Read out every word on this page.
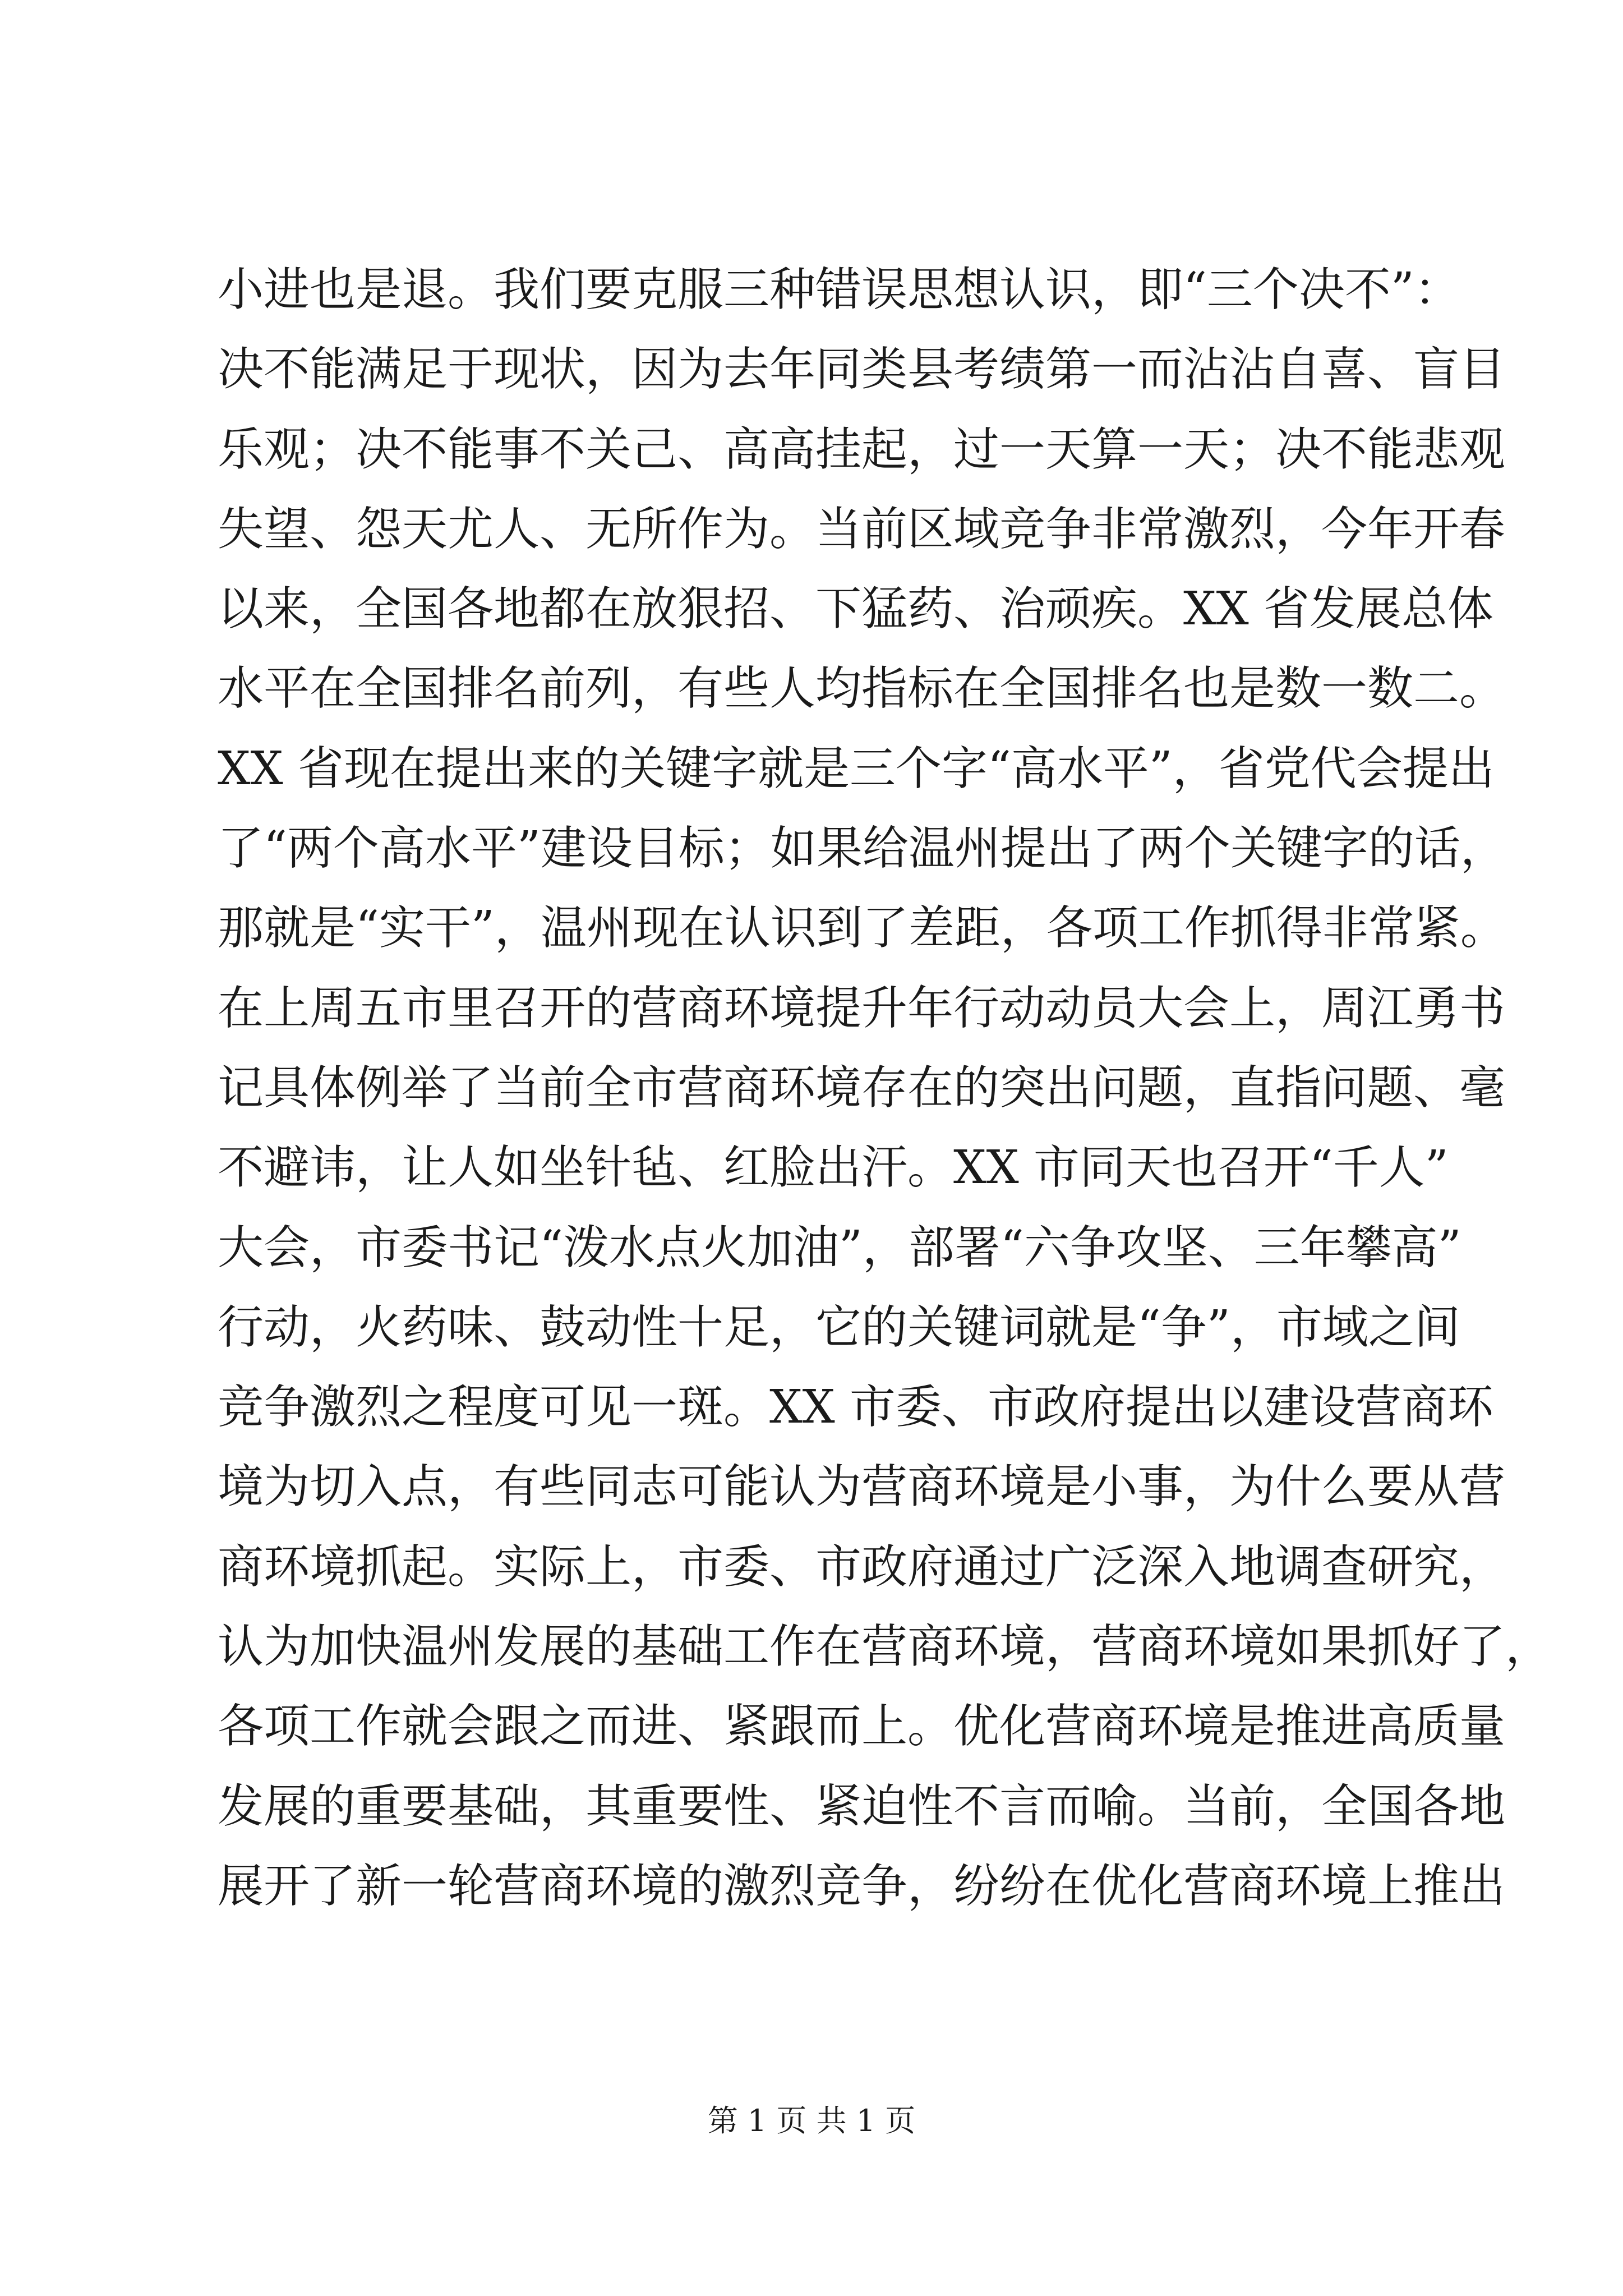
小进也是退。我们要克服三种错误思想认识，即“三个决不”：
决不能满足于现状，因为去年同类县考绩第一而沾沾自喜、盲目
乐观；决不能事不关己、高高挂起，过一天算一天；决不能悲观
失望、怨天尤人、无所作为。当前区域竞争非常激烈，今年开春
以来，全国各地都在放狠招、下猛药、治顽疾。XX 省发展总体
水平在全国排名前列，有些人均指标在全国排名也是数一数二。
XX 省现在提出来的关键字就是三个字“高水平”，省党代会提出
了“两个高水平”建设目标；如果给温州提出了两个关键字的话，
那就是“实干”，温州现在认识到了差距，各项工作抓得非常紧。
在上周五市里召开的营商环境提升年行动动员大会上，周江勇书
记具体例举了当前全市营商环境存在的突出问题，直指问题、毫
不避讳，让人如坐针毡、红脸出汗。XX 市同天也召开“千人”
大会，市委书记“泼水点火加油”，部署“六争攻坚、三年攀高”
行动，火药味、鼓动性十足，它的关键词就是“争”，市域之间
竞争激烈之程度可见一斑。XX 市委、市政府提出以建设营商环
境为切入点，有些同志可能认为营商环境是小事，为什么要从营
商环境抓起。实际上，市委、市政府通过广泛深入地调查研究，
认为加快温州发展的基础工作在营商环境，营商环境如果抓好了，
各项工作就会跟之而进、紧跟而上。优化营商环境是推进高质量
发展的重要基础，其重要性、紧迫性不言而喻。当前，全国各地
展开了新一轮营商环境的激烈竞争，纷纷在优化营商环境上推出
第 1 页 共 1 页
